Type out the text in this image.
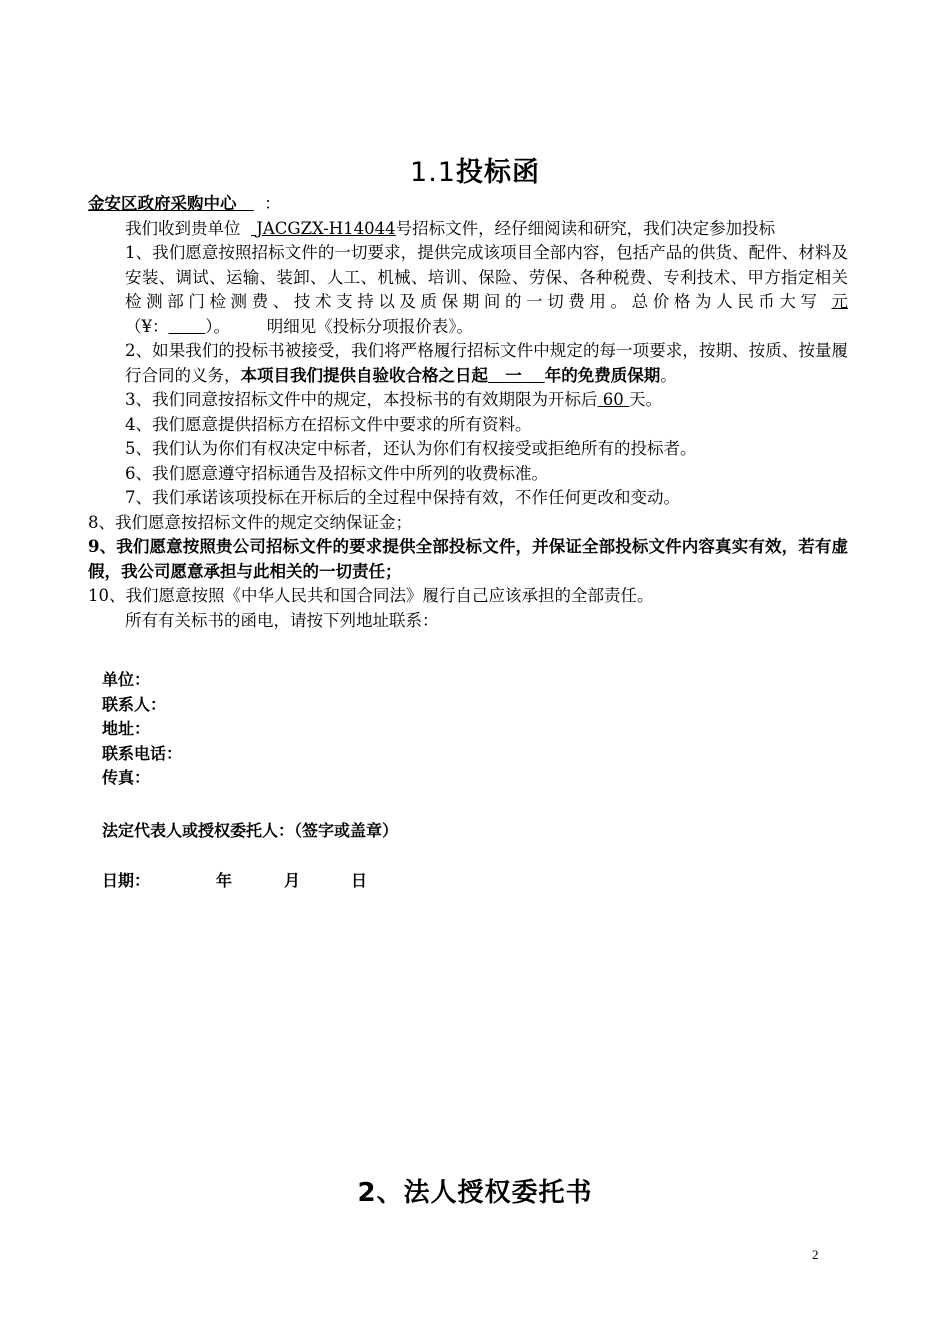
1.1投标函
金安区政府采购中心 ：
我们收到贵单位 JACGZX-H14044号招标文件，经仔细阅读和研究，我们决定参加投标
1、我们愿意按照招标文件的一切要求，提供完成该项目全部内容，包括产品的供货、配件、材料及安装、调试、运输、装卸、人工、机械、培训、保险、劳保、各种税费、专利技术、甲方指定相关检测部门检测费、技术支持以及质保期间的一切费用。总价格为人民币大写 元（¥： ）。 明细见《投标分项报价表》。
2、如果我们的投标书被接受，我们将严格履行招标文件中规定的每一项要求，按期、按质、按量履行合同的义务，本项目我们提供自验收合格之日起 一 年的免费质保期。
3、我们同意按招标文件中的规定，本投标书的有效期限为开标后 60 天。
4、我们愿意提供招标方在招标文件中要求的所有资料。
5、我们认为你们有权决定中标者，还认为你们有权接受或拒绝所有的投标者。
6、我们愿意遵守招标通告及招标文件中所列的收费标准。
7、我们承诺该项投标在开标后的全过程中保持有效，不作任何更改和变动。
8、我们愿意按招标文件的规定交纳保证金；
9、我们愿意按照贵公司招标文件的要求提供全部投标文件，并保证全部投标文件内容真实有效，若有虚假，我公司愿意承担与此相关的一切责任；
10、我们愿意按照《中华人民共和国合同法》履行自己应该承担的全部责任。
所有有关标书的函电，请按下列地址联系：
单位：
联系人：
地址：
联系电话：
传真：
法定代表人或授权委托人：（签字或盖章）
日期：	年	月	日
2、法人授权委托书
2
